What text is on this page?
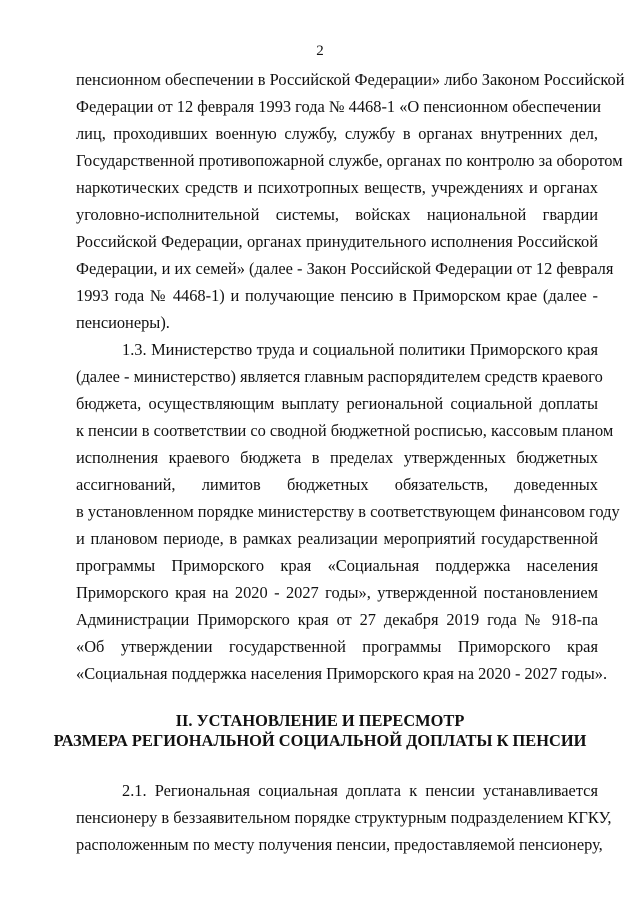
2
пенсионном обеспечении в Российской Федерации» либо Законом Российской
Федерации от 12 февраля 1993 года № 4468-1 «О пенсионном обеспечении
лиц, проходивших военную службу, службу в органах внутренних дел,
Государственной противопожарной службе, органах по контролю за оборотом
наркотических средств и психотропных веществ, учреждениях и органах
уголовно-исполнительной системы, войсках национальной гвардии
Российской Федерации, органах принудительного исполнения Российской
Федерации, и их семей» (далее - Закон Российской Федерации от 12 февраля
1993 года № 4468-1) и получающие пенсию в Приморском крае (далее -
пенсионеры).
1.3. Министерство труда и социальной политики Приморского края
(далее - министерство) является главным распорядителем средств краевого
бюджета, осуществляющим выплату региональной социальной доплаты
к пенсии в соответствии со сводной бюджетной росписью, кассовым планом
исполнения краевого бюджета в пределах утвержденных бюджетных
ассигнований, лимитов бюджетных обязательств, доведенных
в установленном порядке министерству в соответствующем финансовом году
и плановом периоде, в рамках реализации мероприятий государственной
программы Приморского края «Социальная поддержка населения
Приморского края на 2020 - 2027 годы», утвержденной постановлением
Администрации Приморского края от 27 декабря 2019 года № 918-па
«Об утверждении государственной программы Приморского края
«Социальная поддержка населения Приморского края на 2020 - 2027 годы».
II. УСТАНОВЛЕНИЕ И ПЕРЕСМОТР
РАЗМЕРА РЕГИОНАЛЬНОЙ СОЦИАЛЬНОЙ ДОПЛАТЫ К ПЕНСИИ
2.1. Региональная социальная доплата к пенсии устанавливается
пенсионеру в беззаявительном порядке структурным подразделением КГКУ,
расположенным по месту получения пенсии, предоставляемой пенсионеру,
